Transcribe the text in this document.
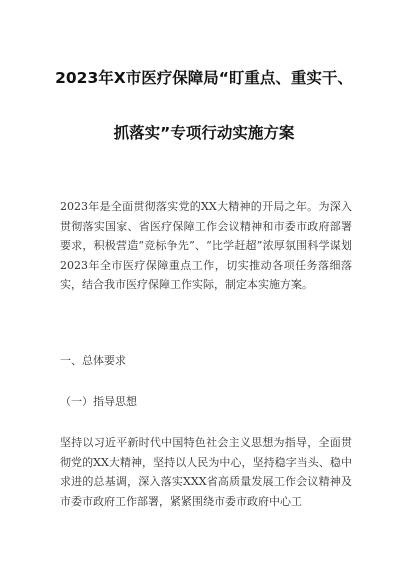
2023年X市医疗保障局“盯重点、重实干、
抓落实”专项行动实施方案
2023年是全面贯彻落实党的XX大精神的开局之年。为深入贯彻落实国家、省医疗保障工作会议精神和市委市政府部署要求，积极营造“竞标争先”、“比学赶超”浓厚氛围科学谋划2023年全市医疗保障重点工作，切实推动各项任务落细落实，结合我市医疗保障工作实际，制定本实施方案。
一、总体要求
（一）指导思想
坚持以习近平新时代中国特色社会主义思想为指导，全面贯彻党的XX大精神，坚持以人民为中心，坚持稳字当头、稳中求进的总基调，深入落实XXX省高质量发展工作会议精神及市委市政府工作部署，紧紧围绕市委市政府中心工
